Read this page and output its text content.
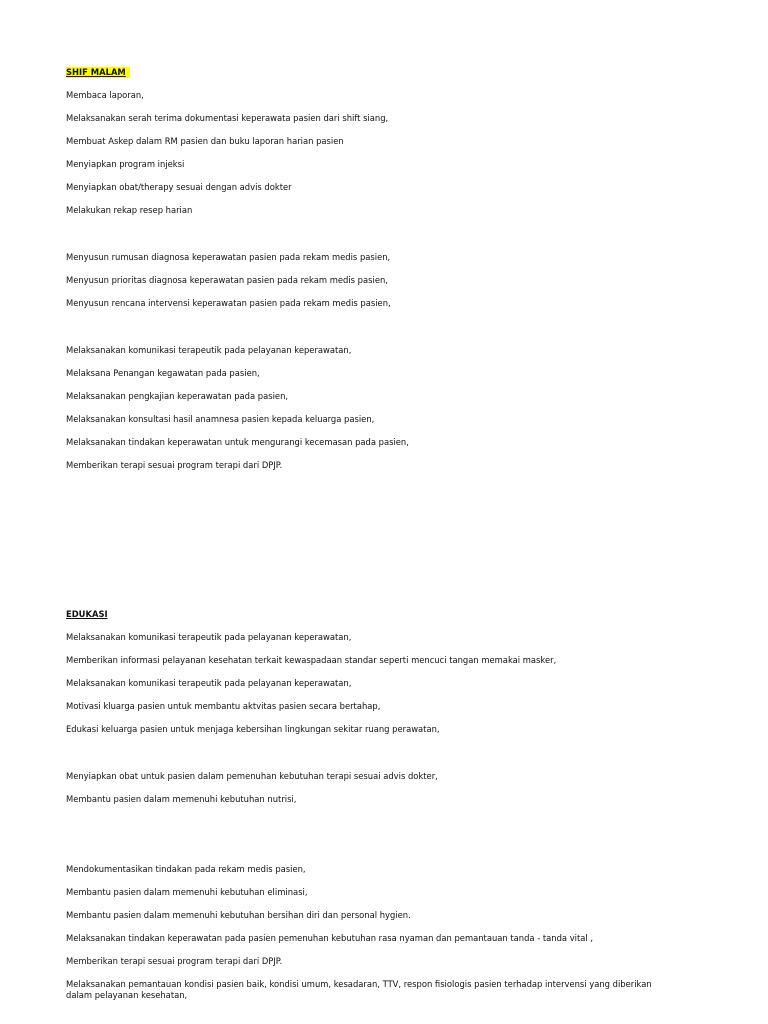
SHIF MALAM
Membaca laporan,
Melaksanakan serah terima dokumentasi keperawata pasien dari shift siang,
Membuat Askep dalam RM pasien dan buku laporan harian pasien
Menyiapkan program injeksi
Menyiapkan obat/therapy sesuai dengan advis dokter
Melakukan rekap resep harian
Menyusun rumusan diagnosa keperawatan pasien pada rekam medis pasien,
Menyusun prioritas diagnosa keperawatan pasien pada rekam medis pasien,
Menyusun rencana intervensi keperawatan pasien pada rekam medis pasien,
Melaksanakan komunikasi terapeutik pada pelayanan keperawatan,
Melaksana Penangan kegawatan pada pasien,
Melaksanakan pengkajian keperawatan pada pasien,
Melaksanakan konsultasi hasil anamnesa pasien kepada keluarga pasien,
Melaksanakan tindakan keperawatan untuk mengurangi kecemasan pada pasien,
Memberikan terapi sesuai program terapi dari DPJP.
EDUKASI
Melaksanakan komunikasi terapeutik pada pelayanan keperawatan,
Memberikan informasi pelayanan kesehatan terkait kewaspadaan standar seperti mencuci tangan memakai masker,
Melaksanakan komunikasi terapeutik pada pelayanan keperawatan,
Motivasi kluarga pasien untuk membantu aktvitas pasien secara bertahap,
Edukasi keluarga pasien untuk menjaga kebersihan lingkungan sekitar ruang perawatan,
Menyiapkan obat untuk pasien dalam pemenuhan kebutuhan terapi sesuai advis dokter,
Membantu pasien dalam memenuhi kebutuhan nutrisi,
Mendokumentasikan tindakan pada rekam medis pasien,
Membantu pasien dalam memenuhi kebutuhan eliminasi,
Membantu pasien dalam memenuhi kebutuhan bersihan diri dan personal hygien.
Melaksanakan tindakan keperawatan pada pasien pemenuhan kebutuhan rasa nyaman dan pemantauan tanda - tanda vital ,
Memberikan terapi sesuai program terapi dari DPJP.
Melaksanakan pemantauan kondisi pasien baik, kondisi umum, kesadaran, TTV, respon fisiologis pasien terhadap intervensi yang diberikan dalam pelayanan kesehatan,
